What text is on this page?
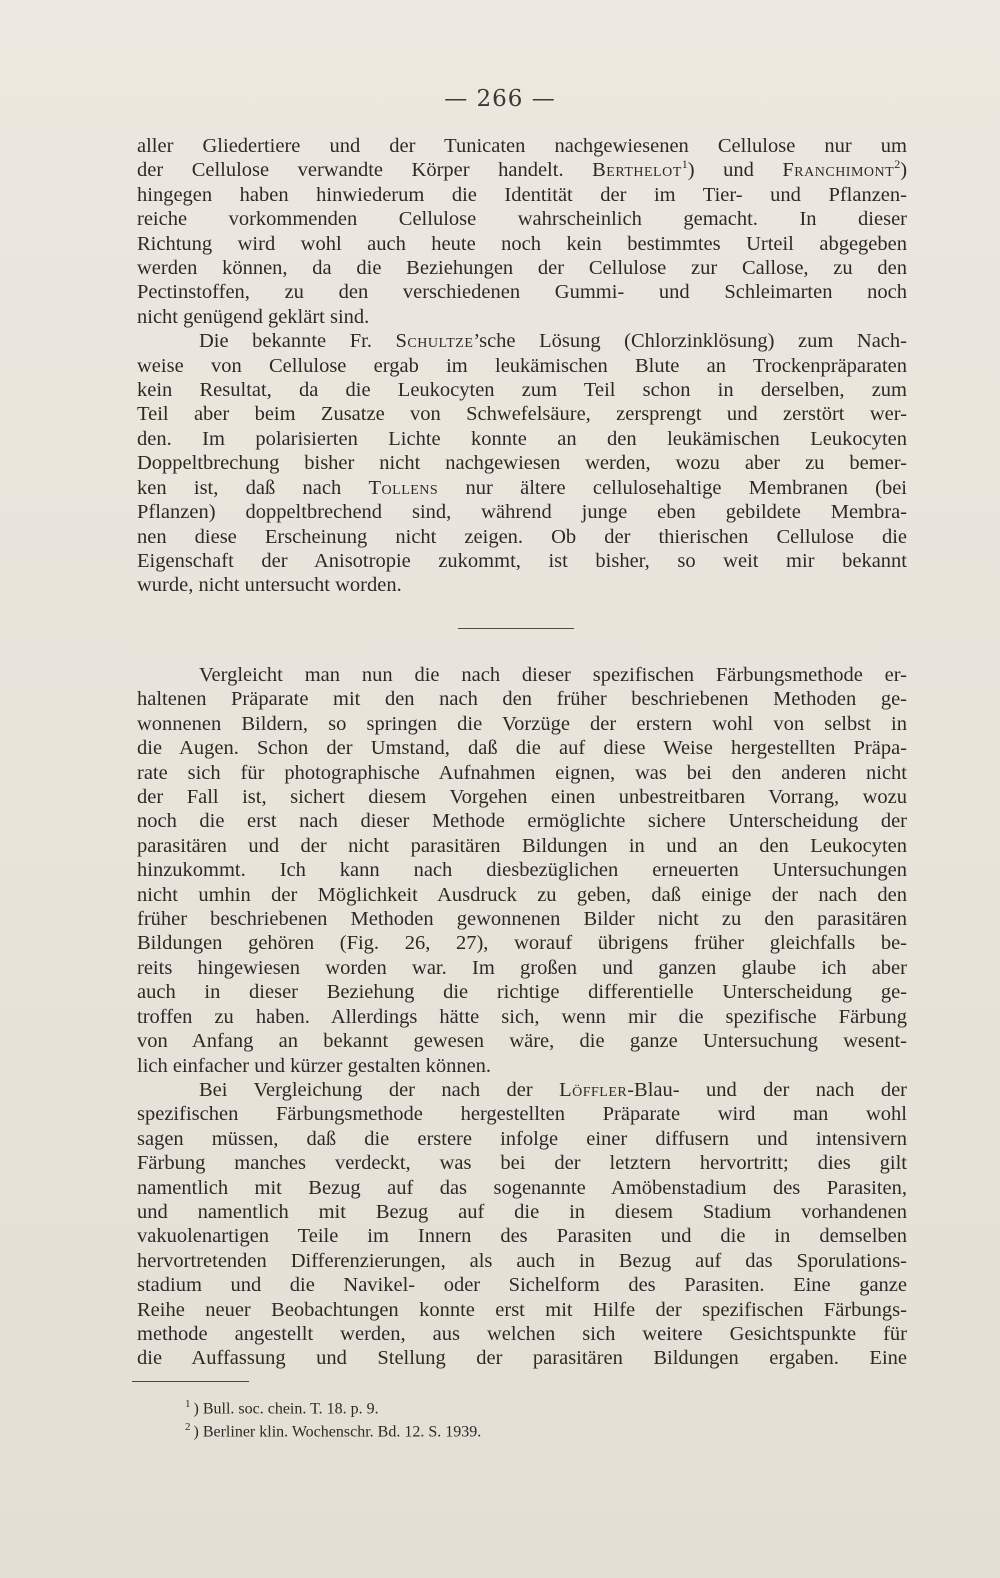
— 266 —
aller Gliedertiere und der Tunicaten nachgewiesenen Cellulose nur um
der Cellulose verwandte Körper handelt. Berthelot$^1$) und Franchimont$^2$)
hingegen haben hinwiederum die Identität der im Tier- und Pflanzen-
reiche vorkommenden Cellulose wahrscheinlich gemacht. In dieser
Richtung wird wohl auch heute noch kein bestimmtes Urteil abgegeben
werden können, da die Beziehungen der Cellulose zur Callose, zu den
Pectinstoffen, zu den verschiedenen Gummi- und Schleimarten noch
nicht genügend geklärt sind.
Die bekannte Fr. Schultze’sche Lösung (Chlorzinklösung) zum Nach-
weise von Cellulose ergab im leukämischen Blute an Trockenpräparaten
kein Resultat, da die Leukocyten zum Teil schon in derselben, zum
Teil aber beim Zusatze von Schwefelsäure, zersprengt und zerstört wer-
den. Im polarisierten Lichte konnte an den leukämischen Leukocyten
Doppeltbrechung bisher nicht nachgewiesen werden, wozu aber zu bemer-
ken ist, daß nach Tollens nur ältere cellulosehaltige Membranen (bei
Pflanzen) doppeltbrechend sind, während junge eben gebildete Membra-
nen diese Erscheinung nicht zeigen. Ob der thierischen Cellulose die
Eigenschaft der Anisotropie zukommt, ist bisher, so weit mir bekannt
wurde, nicht untersucht worden.
Vergleicht man nun die nach dieser spezifischen Färbungsmethode er-
haltenen Präparate mit den nach den früher beschriebenen Methoden ge-
wonnenen Bildern, so springen die Vorzüge der erstern wohl von selbst in
die Augen. Schon der Umstand, daß die auf diese Weise hergestellten Präpa-
rate sich für photographische Aufnahmen eignen, was bei den anderen nicht
der Fall ist, sichert diesem Vorgehen einen unbestreitbaren Vorrang, wozu
noch die erst nach dieser Methode ermöglichte sichere Unterscheidung der
parasitären und der nicht parasitären Bildungen in und an den Leukocyten
hinzukommt. Ich kann nach diesbezüglichen erneuerten Untersuchungen
nicht umhin der Möglichkeit Ausdruck zu geben, daß einige der nach den
früher beschriebenen Methoden gewonnenen Bilder nicht zu den parasitären
Bildungen gehören (Fig. 26, 27), worauf übrigens früher gleichfalls be-
reits hingewiesen worden war. Im großen und ganzen glaube ich aber
auch in dieser Beziehung die richtige differentielle Unterscheidung ge-
troffen zu haben. Allerdings hätte sich, wenn mir die spezifische Färbung
von Anfang an bekannt gewesen wäre, die ganze Untersuchung wesent-
lich einfacher und kürzer gestalten können.
Bei Vergleichung der nach der Löffler-Blau- und der nach der
spezifischen Färbungsmethode hergestellten Präparate wird man wohl
sagen müssen, daß die erstere infolge einer diffusern und intensivern
Färbung manches verdeckt, was bei der letztern hervortritt; dies gilt
namentlich mit Bezug auf das sogenannte Amöbenstadium des Parasiten,
und namentlich mit Bezug auf die in diesem Stadium vorhandenen
vakuolenartigen Teile im Innern des Parasiten und die in demselben
hervortretenden Differenzierungen, als auch in Bezug auf das Sporulations-
stadium und die Navikel- oder Sichelform des Parasiten. Eine ganze
Reihe neuer Beobachtungen konnte erst mit Hilfe der spezifischen Färbungs-
methode angestellt werden, aus welchen sich weitere Gesichtspunkte für
die Auffassung und Stellung der parasitären Bildungen ergaben. Eine
$^1$ ) Bull. soc. chein. T. 18. p. 9.
$^2$ ) Berliner klin. Wochenschr. Bd. 12. S. 1939.
